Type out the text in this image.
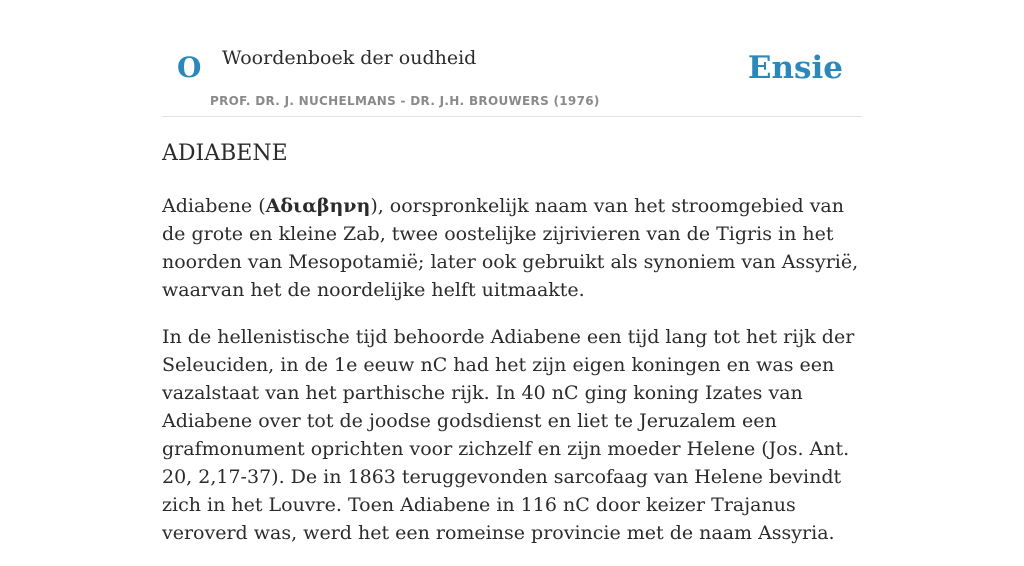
O Woordenboek der oudheid
PROF. DR. J. NUCHELMANS - DR. J.H. BROUWERS (1976)
Ensie
ADIABENE

Adiabene (Αδιαβηνη), oorspronkelijk naam van het stroomgebied van de grote en kleine Zab, twee oostelijke zijrivieren van de Tigris in het noorden van Mesopotamië; later ook gebruikt als synoniem van Assyrië, waarvan het de noordelijke helft uitmaakte.

In de hellenistische tijd behoorde Adiabene een tijd lang tot het rijk der Seleuciden, in de 1e eeuw nC had het zijn eigen koningen en was een vazalstaat van het parthische rijk. In 40 nC ging koning Izates van Adiabene over tot de joodse godsdienst en liet te Jeruzalem een grafmonument oprichten voor zichzelf en zijn moeder Helene (Jos. Ant. 20, 2,17-37). De in 1863 teruggevonden sarcofaag van Helene bevindt zich in het Louvre. Toen Adiabene in 116 nC door keizer Trajanus veroverd was, werd het een romeinse provincie met de naam Assyria.
